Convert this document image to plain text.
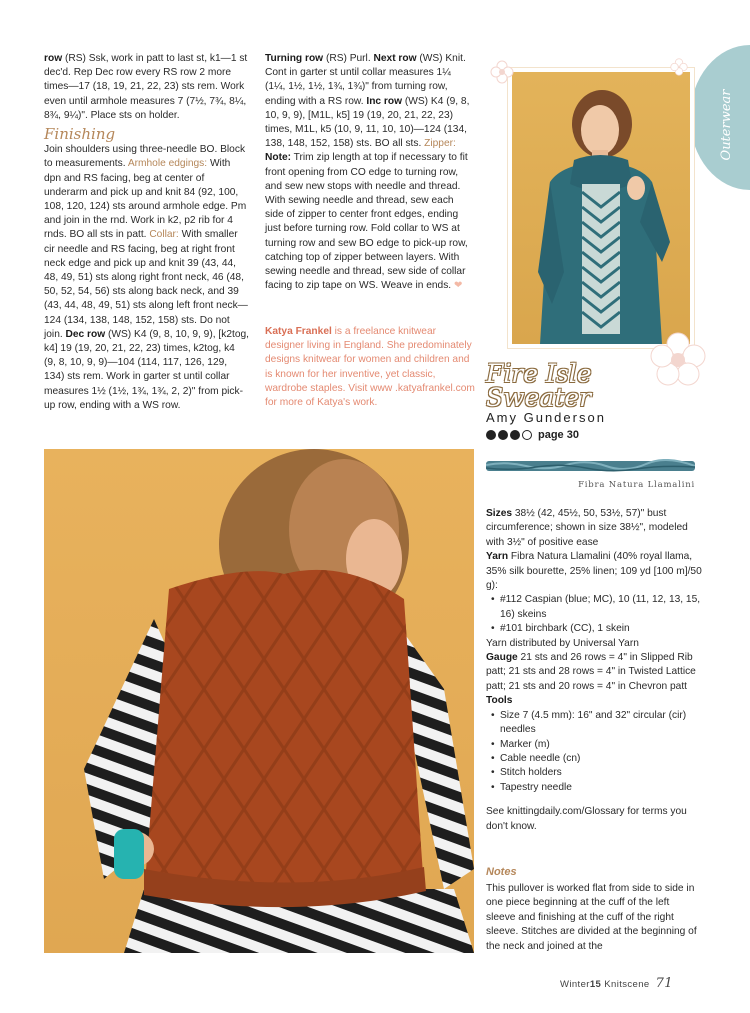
Outerwear

row (RS) Ssk, work in patt to last st, k1—1 st dec'd. Rep Dec row every RS row 2 more times—17 (18, 19, 21, 22, 23) sts rem. Work even until armhole measures 7 (7½, 7¾, 8¼, 8¾, 9¼)". Place sts on holder.

Finishing

Join shoulders using three-needle BO. Block to measurements. Armhole edgings: With dpn and RS facing, beg at center of underarm and pick up and knit 84 (92, 100, 108, 120, 124) sts around armhole edge. Pm and join in the rnd. Work in k2, p2 rib for 4 rnds. BO all sts in patt. Collar: With smaller cir needle and RS facing, beg at right front neck edge and pick up and knit 39 (43, 44, 48, 49, 51) sts along right front neck, 46 (48, 50, 52, 54, 56) sts along back neck, and 39 (43, 44, 48, 49, 51) sts along left front neck—124 (134, 138, 148, 152, 158) sts. Do not join. Dec row (WS) K4 (9, 8, 10, 9, 9), [k2tog, k4] 19 (19, 20, 21, 22, 23) times, k2tog, k4 (9, 8, 10, 9, 9)—104 (114, 117, 126, 129, 134) sts rem. Work in garter st until collar measures 1½ (1½, 1¾, 1¾, 2, 2)" from pick-up row, ending with a WS row.

Turning row (RS) Purl. Next row (WS) Knit. Cont in garter st until collar measures 1¼ (1¼, 1½, 1½, 1¾, 1¾)" from turning row, ending with a RS row. Inc row (WS) K4 (9, 8, 10, 9, 9), [M1L, k5] 19 (19, 20, 21, 22, 23) times, M1L, k5 (10, 9, 11, 10, 10)—124 (134, 138, 148, 152, 158) sts. BO all sts. Zipper: Note: Trim zip length at top if necessary to fit front opening from CO edge to turning row, and sew new stops with needle and thread. With sewing needle and thread, sew each side of zipper to center front edges, ending just before turning row. Fold collar to WS at turning row and sew BO edge to pick-up row, catching top of zipper between layers. With sewing needle and thread, sew side of collar facing to zip tape on WS. Weave in ends. ❤

Katya Frankel is a freelance knitwear designer living in England. She predominately designs knitwear for women and children and is known for her inventive, yet classic, wardrobe staples. Visit www .katyafrankel.com for more of Katya's work.
Fire Isle
Sweater
Amy Gunderson
page 30
Fibra Natura Llamalini

Sizes 38½ (42, 45½, 50, 53½, 57)" bust circumference; shown in size 38½", modeled with 3½" of positive ease

Yarn Fibra Natura Llamalini (40% royal llama, 35% silk bourette, 25% linen; 109 yd [100 m]/50 g):

• #112 Caspian (blue; MC), 10 (11, 12, 13, 15, 16) skeins
• #101 birchbark (CC), 1 skein

Yarn distributed by Universal Yarn

Gauge 21 sts and 26 rows = 4" in Slipped Rib patt; 21 sts and 28 rows = 4" in Twisted Lattice patt; 21 sts and 20 rows = 4" in Chevron patt

Tools

• Size 7 (4.5 mm): 16" and 32" circular (cir) needles
• Marker (m)
• Cable needle (cn)
• Stitch holders
• Tapestry needle

See knittingdaily.com/Glossary for terms you don't know.

Notes

This pullover is worked flat from side to side in one piece beginning at the cuff of the left sleeve and finishing at the cuff of the right sleeve. Stitches are divided at the beginning of the neck and joined at the

Winter15 Knitscene 71
